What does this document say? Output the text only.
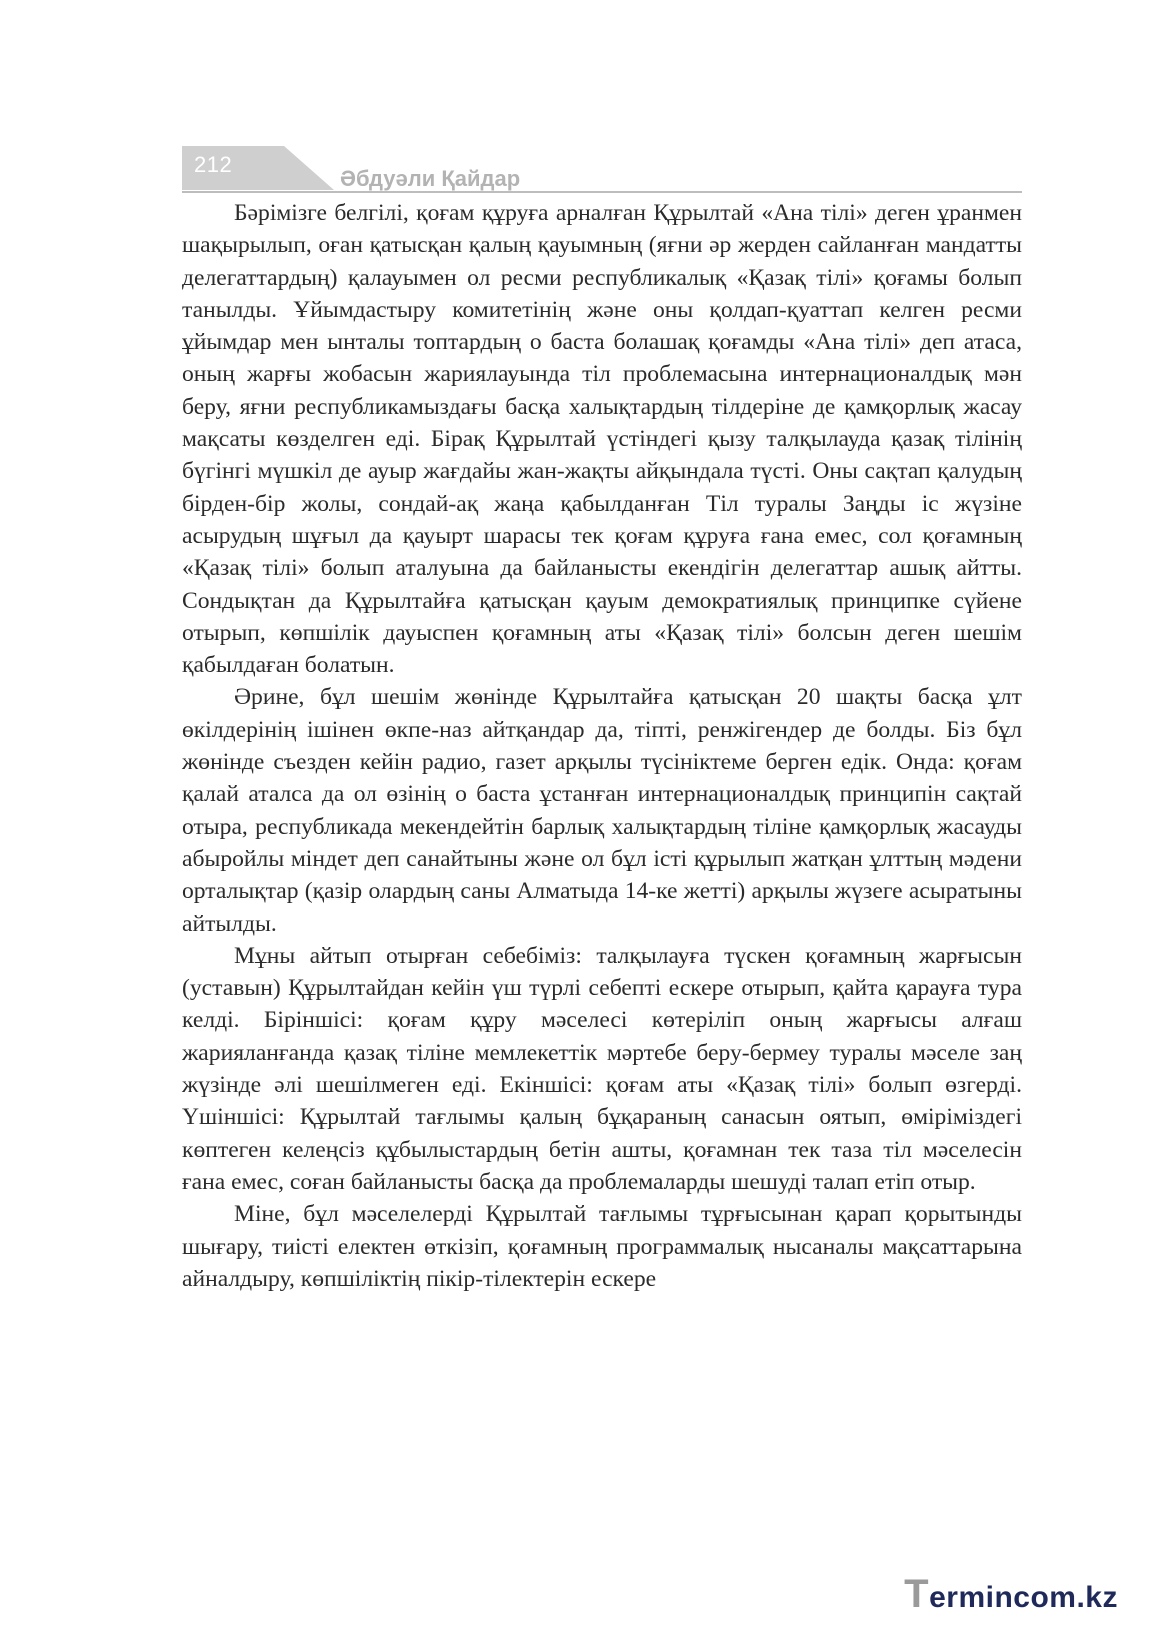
212
Әбдуәли Қайдар

Бәрімізге белгілі, қоғам құруға арналған Құрылтай «Ана тілі» деген ұранмен шақырылып, оған қатысқан қалың қауымның (яғни әр жерден сайланған мандатты делегаттардың) қалауымен ол ресми республикалық «Қазақ тілі» қоғамы болып танылды. Ұйымдастыру комитетінің және оны қолдап-қуаттап келген ресми ұйымдар мен ынталы топтардың о баста болашақ қоғамды «Ана тілі» деп атаса, оның жарғы жобасын жариялауында тіл проблемасына интернационалдық мән беру, яғни республикамыздағы басқа халықтардың тілдеріне де қамқорлық жасау мақсаты көзделген еді. Бірақ Құрылтай үстіндегі қызу талқылауда қазақ тілінің бүгінгі мүшкіл де ауыр жағдайы жан-жақты айқындала түсті. Оны сақтап қалудың бірден-бір жолы, сондай-ақ жаңа қабылданған Тіл туралы Заңды іс жүзіне асырудың шұғыл да қауырт шарасы тек қоғам құруға ғана емес, сол қоғамның «Қазақ тілі» болып аталуына да байланысты екендігін делегаттар ашық айтты. Сондықтан да Құрылтайға қатысқан қауым демократиялық принципке сүйене отырып, көпшілік дауыспен қоғамның аты «Қазақ тілі» болсын деген шешім қабылдаған болатын.

Әрине, бұл шешім жөнінде Құрылтайға қатысқан 20 шақты басқа ұлт өкілдерінің ішінен өкпе-наз айтқандар да, тіпті, ренжігендер де болды. Біз бұл жөнінде съезден кейін радио, газет арқылы түсініктеме берген едік. Онда: қоғам қалай аталса да ол өзінің о баста ұстанған интернационалдық принципін сақтай отыра, республикада мекендейтін барлық халықтардың тіліне қамқорлық жасауды абыройлы міндет деп санайтыны және ол бұл істі құрылып жатқан ұлттың мәдени орталықтар (қазір олардың саны Алматыда 14-ке жетті) арқылы жүзеге асыратыны айтылды.

Мұны айтып отырған себебіміз: талқылауға түскен қоғамның жарғысын (уставын) Құрылтайдан кейін үш түрлі себепті ескере отырып, қайта қарауға тура келді. Біріншісі: қоғам құру мәселесі көтеріліп оның жарғысы алғаш жарияланғанда қазақ тіліне мемлекеттік мәртебе беру-бермеу туралы мәселе заң жүзінде әлі шешілмеген еді. Екіншісі: қоғам аты «Қазақ тілі» болып өзгерді. Үшіншісі: Құрылтай тағлымы қалың бұқараның санасын оятып, өміріміздегі көптеген келеңсіз құбылыстардың бетін ашты, қоғамнан тек таза тіл мәселесін ғана емес, соған байланысты басқа да проблемаларды шешуді талап етіп отыр.

Міне, бұл мәселелерді Құрылтай тағлымы тұрғысынан қарап қорытынды шығару, тиісті електен өткізіп, қоғамның программалық нысаналы мақсаттарына айналдыру, көпшіліктің пікір-тілектерін ескере

Termincom.kz
